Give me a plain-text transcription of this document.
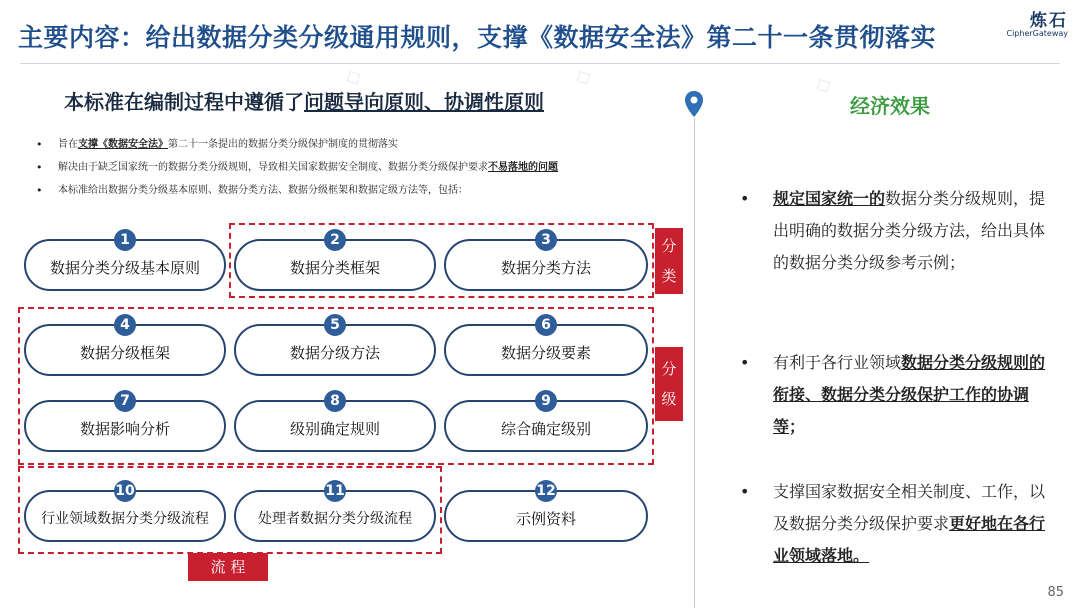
主要内容：给出数据分类分级通用规则，支撑《数据安全法》第二十一条贯彻落实
炼石
CipherGateway
◇	◇	◇
本标准在编制过程中遵循了问题导向原则、协调性原则
• 旨在支撑《数据安全法》第二十一条提出的数据分类分级保护制度的贯彻落实
• 解决由于缺乏国家统一的数据分类分级规则，导致相关国家数据安全制度、数据分类分级保护要求不易落地的问题
• 本标准给出数据分类分级基本原则、数据分类方法、数据分级框架和数据定级方法等，包括：
分
类
分
级
流 程
数据分类分级基本原则
1
数据分类框架
2
数据分类方法
3
数据分级框架
4
数据分级方法
5
数据分级要素
6
数据影响分析
7
级别确定规则
8
综合确定级别
9
行业领域数据分类分级流程
10
处理者数据分类分级流程
11
示例资料
12
经济效果
• 规定国家统一的数据分类分级规则，提出明确的数据分类分级方法，给出具体的数据分类分级参考示例；
• 有利于各行业领域数据分类分级规则的衔接、数据分类分级保护工作的协调等；
• 支撑国家数据安全相关制度、工作，以及数据分类分级保护要求更好地在各行业领域落地。
85
